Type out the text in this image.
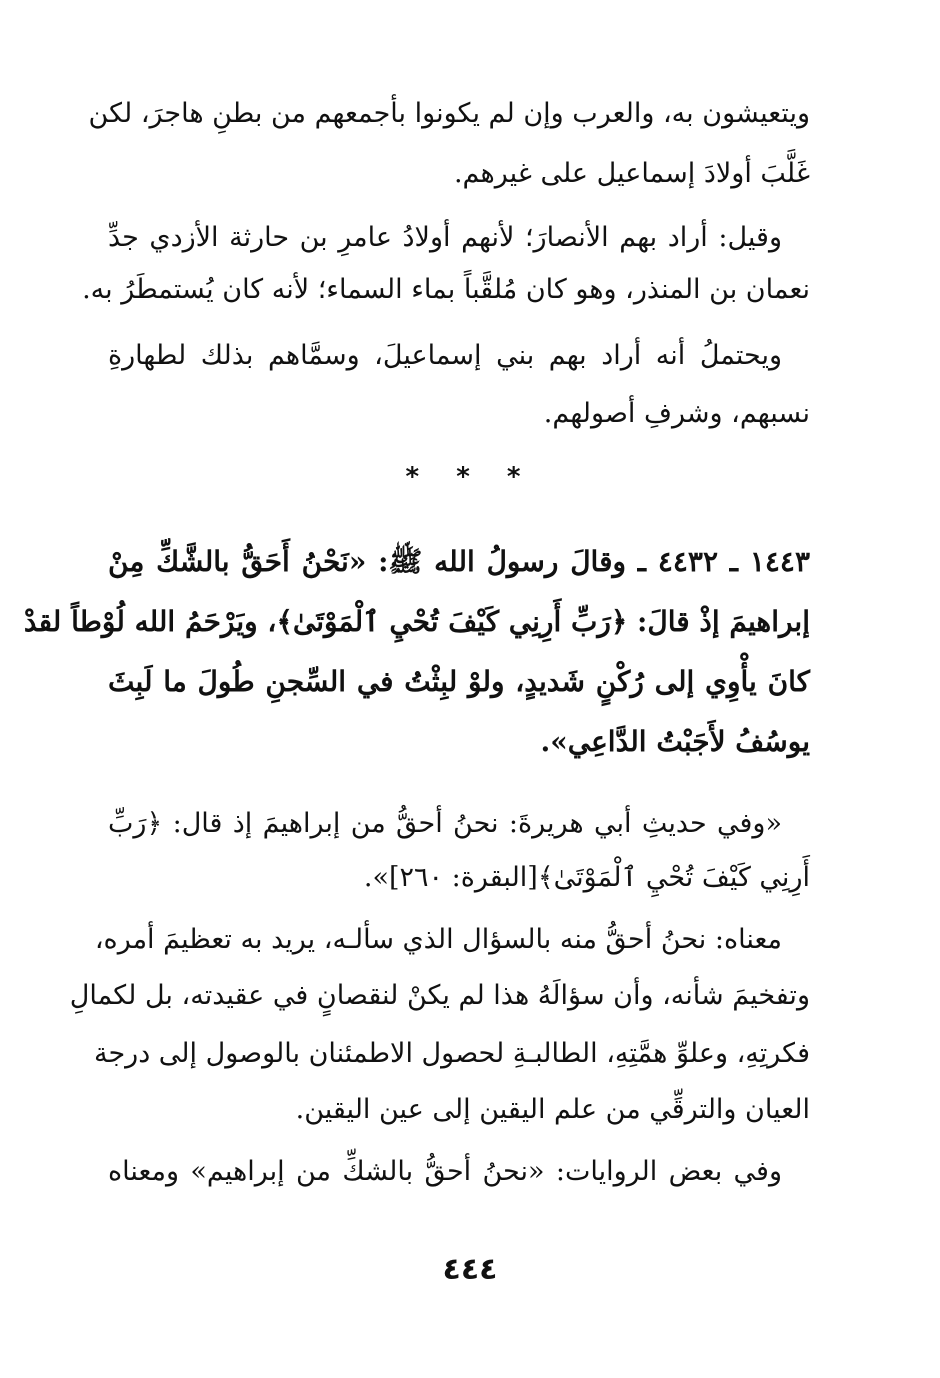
ويتعيشون به، والعرب وإن لم يكونوا بأجمعهم من بطنِ هاجرَ، لكن
غَلَّبَ أولادَ إسماعيل على غيرهم.
وقيل: أراد بهم الأنصارَ؛ لأنهم أولادُ عامرِ بن حارثة الأزدي جدِّ
نعمان بن المنذر، وهو كان مُلقَّباً بماء السماء؛ لأنه كان يُستمطَرُ به.
ويحتملُ أنه أراد بهم بني إسماعيلَ، وسمَّاهم بذلك لطهارةِ
نسبهم، وشرفِ أصولهم.
* * *
١٤٤٣ ـ ٤٤٣٢ ـ وقالَ رسولُ الله ﷺ: «نَحْنُ أَحَقُّ بالشَّكِّ مِنْ
إبراهيمَ إذْ قالَ: ﴿رَبِّ أَرِنِي كَيْفَ تُحْيِ ٱلْمَوْتَىٰ﴾، ويَرْحَمُ الله لُوْطاً لقدْ
كانَ يأْوِي إلى رُكْنٍ شَديدٍ، ولوْ لبِثْتُ في السِّجنِ طُولَ ما لَبِثَ
يوسُفُ لأَجَبْتُ الدَّاعِي».
«وفي حديثِ أبي هريرةَ: نحنُ أحقُّ من إبراهيمَ إذ قال: ﴿رَبِّ
أَرِنِي كَيْفَ تُحْيِ ٱلْمَوْتَىٰ﴾[البقرة: ٢٦٠]».
معناه: نحنُ أحقُّ منه بالسؤال الذي سألـه، يريد به تعظيمَ أمره،
وتفخيمَ شأنه، وأن سؤالَهُ هذا لم يكنْ لنقصانٍ في عقيدته، بل لكمالِ
فكرتِهِ، وعلوِّ همَّتِهِ، الطالبـةِ لحصول الاطمئنان بالوصول إلى درجة
العيان والترقِّي من علم اليقين إلى عين اليقين.
وفي بعض الروايات: «نحنُ أحقُّ بالشكِّ من إبراهيم» ومعناه
٤٤٤
